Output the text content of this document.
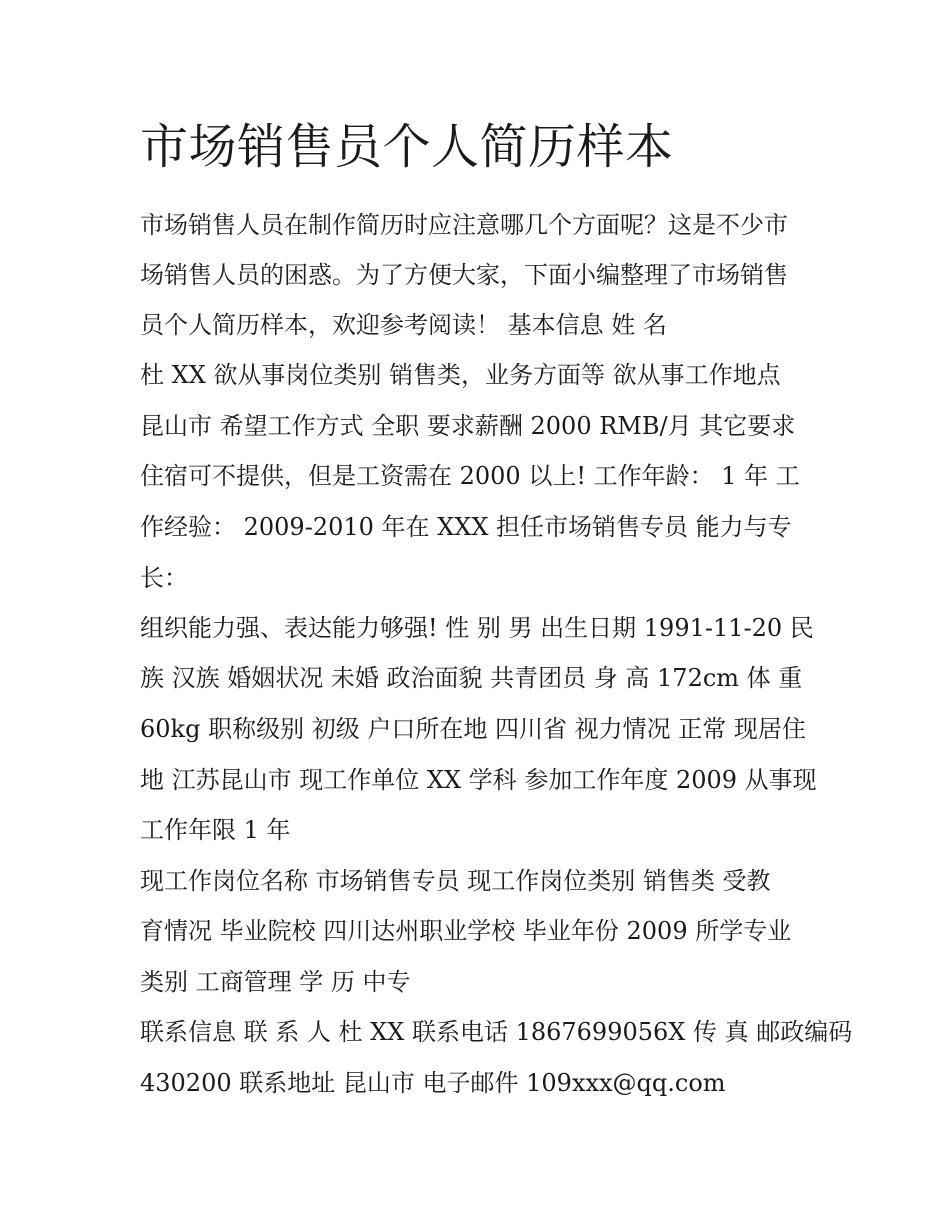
市场销售员个人简历样本
市场销售人员在制作简历时应注意哪几个方面呢？这是不少市
场销售人员的困惑。为了方便大家，下面小编整理了市场销售
员个人简历样本，欢迎参考阅读！ 基本信息 姓 名
杜 XX 欲从事岗位类别 销售类，业务方面等 欲从事工作地点
昆山市 希望工作方式 全职 要求薪酬 2000 RMB/月 其它要求
住宿可不提供，但是工资需在 2000 以上! 工作年龄： 1 年 工
作经验： 2009-2010 年在 XXX 担任市场销售专员 能力与专
长：
组织能力强、表达能力够强! 性 别 男 出生日期 1991-11-20 民
族 汉族 婚姻状况 未婚 政治面貌 共青团员 身 高 172cm 体 重
60kg 职称级别 初级 户口所在地 四川省 视力情况 正常 现居住
地 江苏昆山市 现工作单位 XX 学科 参加工作年度 2009 从事现
工作年限 1 年
现工作岗位名称 市场销售专员 现工作岗位类别 销售类 受教
育情况 毕业院校 四川达州职业学校 毕业年份 2009 所学专业
类别 工商管理 学 历 中专
联系信息 联 系 人 杜 XX 联系电话 1867699056X 传 真 邮政编码
430200 联系地址 昆山市 电子邮件 109xxx@qq.com
